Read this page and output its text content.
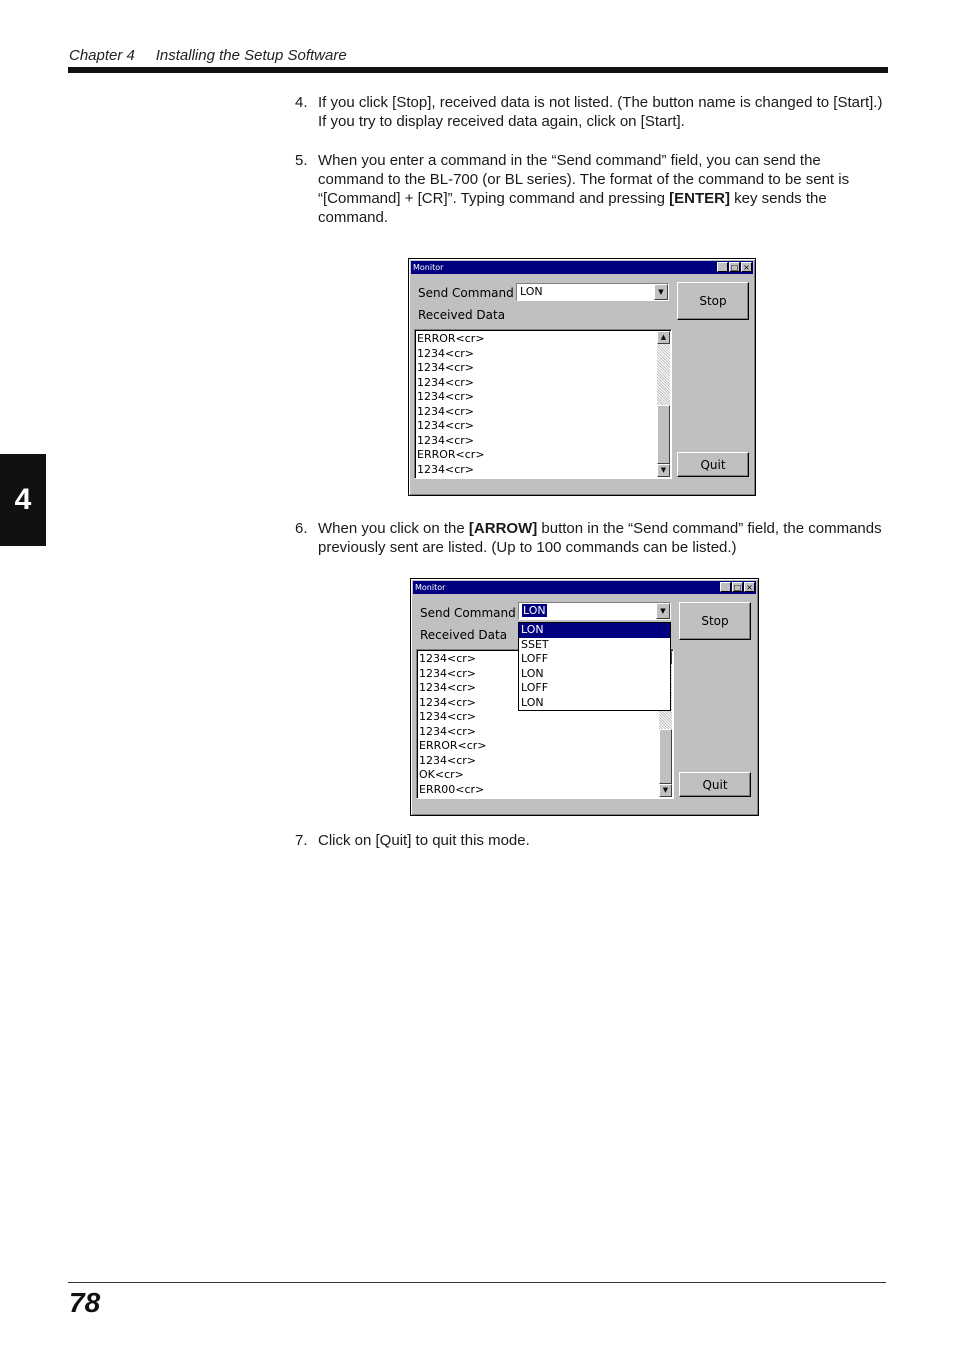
Chapter 4 Installing the Setup Software
4
4. If you click [Stop], received data is not listed. (The button name is changed to [Start].) If you try to display received data again, click on [Start].
5. When you enter a command in the “Send command” field, you can send the command to the BL-700 (or BL series). The format of the command to be sent is “[Command] + [CR]”. Typing command and pressing [ENTER] key sends the command.
Monitor	_ □ ×
Send Command LON	▼
Received Data
Stop
ERROR<cr>
1234<cr>
1234<cr>
1234<cr>
1234<cr>
1234<cr>
1234<cr>
1234<cr>
ERROR<cr>
1234<cr>
▲
▼	Quit
6. When you click on the [ARROW] button in the “Send command” field, the commands previously sent are listed. (Up to 100 commands can be listed.)
Monitor	_ □ ×
Send Command LON	▼
Received Data
Stop
1234<cr>
1234<cr>
1234<cr>
1234<cr>
1234<cr>
1234<cr>
ERROR<cr>
1234<cr>
OK<cr>
ERR00<cr>	▼
LON
SSET
LOFF
LON
LOFF
LON
Quit
7. Click on [Quit] to quit this mode.
78
